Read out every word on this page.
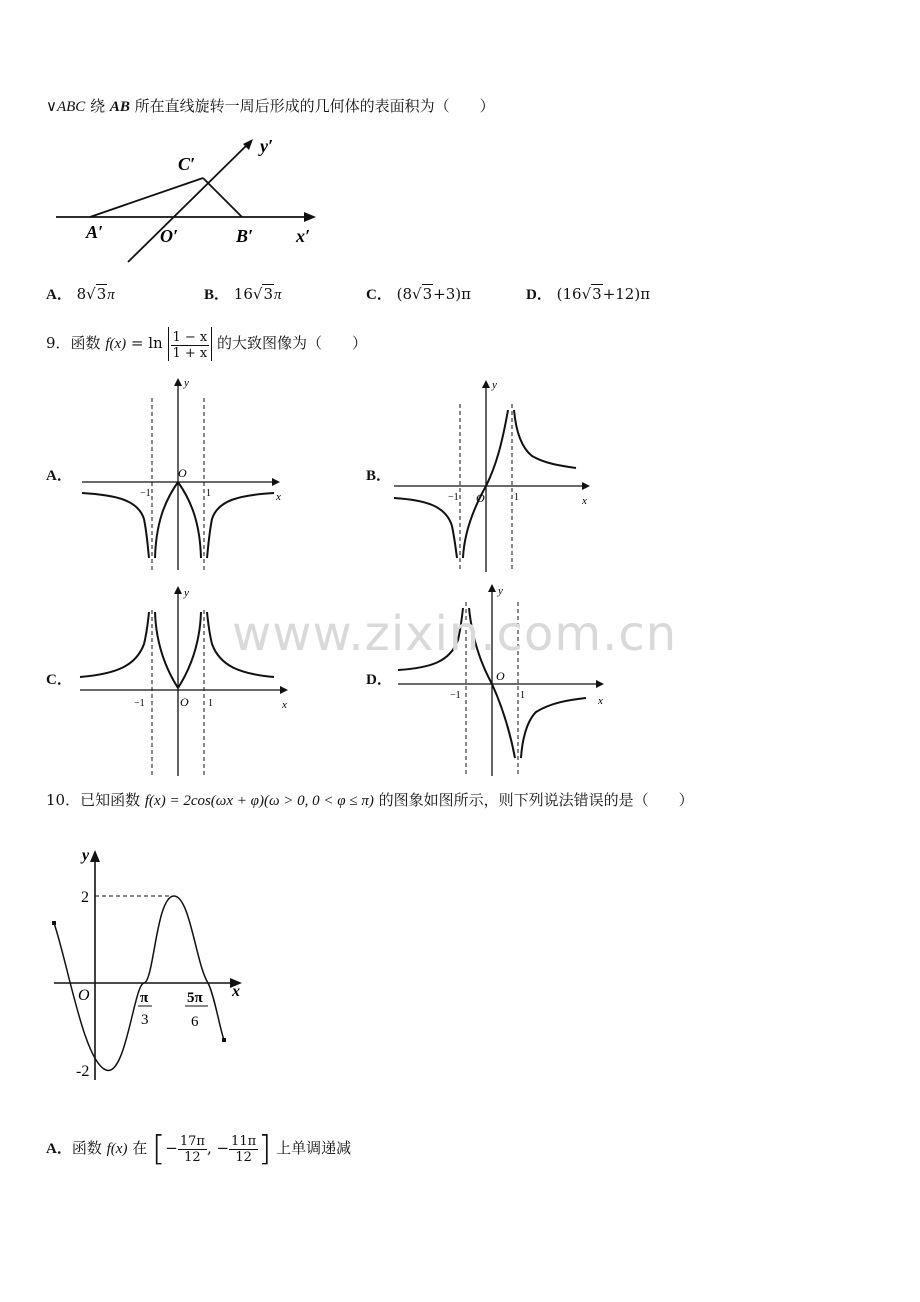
∨ABC 绕 AB 所在直线旋转一周后形成的几何体的表面积为（　　）
C′
y′
A′	O′	B′ x′
A． 8√3π	B． 16√3π	C． (8√3+3)π	D． (16√3+12)π
9．函数 $f(x) = \ln \frac{1 - x}{1 + x}$ 的大致图像为（　　）
A．	B．
C．	D．
y
x
O
−1	1
y
x
O
−1	1
y
x
O
−1	1
y
x
O
−1	1
www.zixin.com.cn
10．已知函数 f(x) = 2cos(ωx + φ)(ω > 0, 0 < φ ≤ π) 的图象如图所示，则下列说法错误的是（　　）
y
x
O
2
-2
π
3
5π
6
A．函数 f(x) 在 [− $\frac{17\pi}{12}$ , − $\frac{11\pi}{12}$ ] 上单调递减
